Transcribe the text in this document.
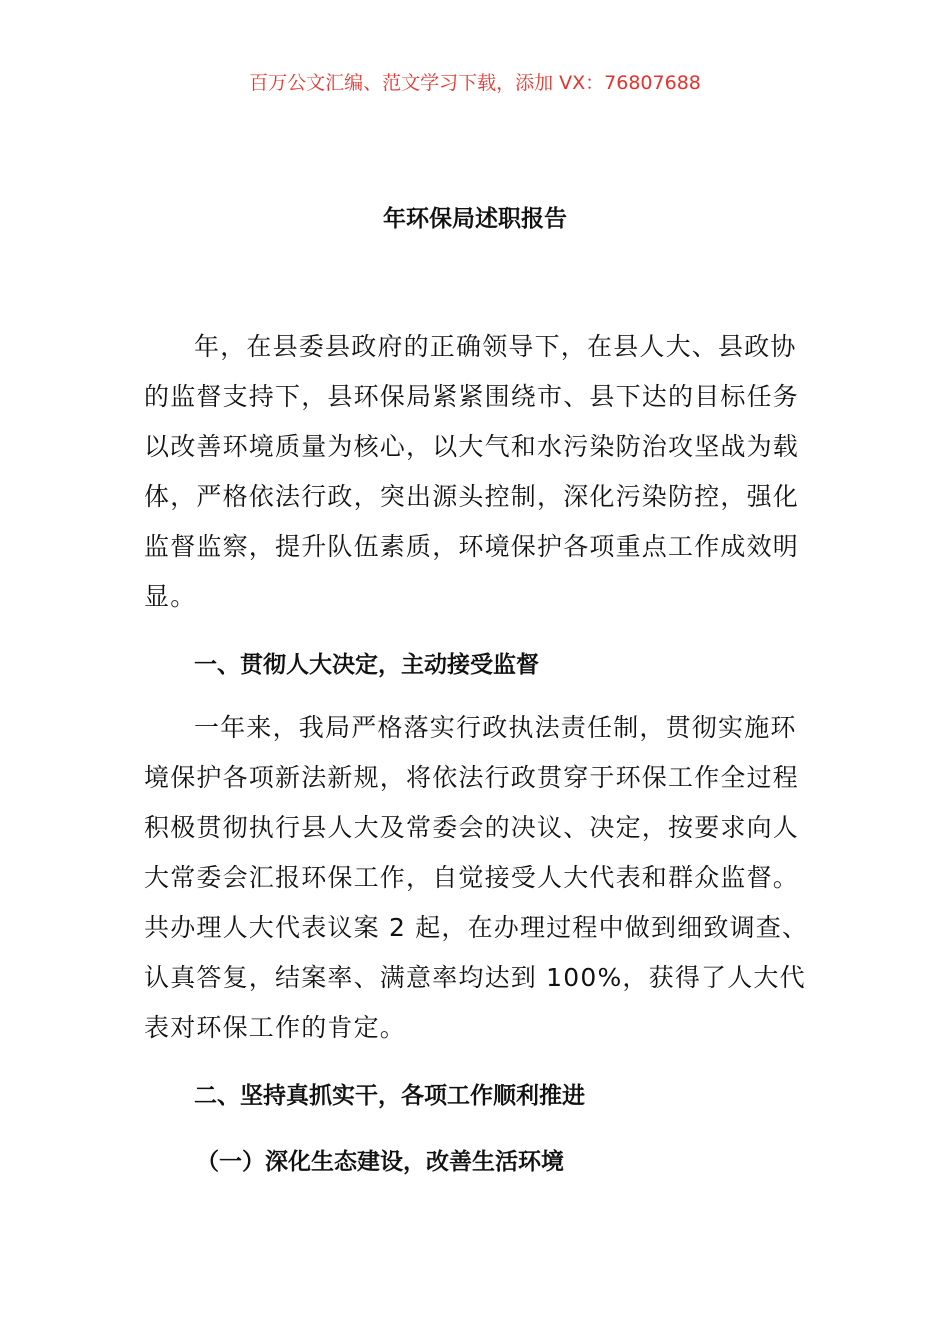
百万公文汇编、范文学习下载，添加 VX：76807688
年环保局述职报告
年，在县委县政府的正确领导下，在县人大、县政协
的监督支持下，县环保局紧紧围绕市、县下达的目标任务
以改善环境质量为核心，以大气和水污染防治攻坚战为载
体，严格依法行政，突出源头控制，深化污染防控，强化
监督监察，提升队伍素质，环境保护各项重点工作成效明
显。
一、贯彻人大决定，主动接受监督
一年来，我局严格落实行政执法责任制，贯彻实施环
境保护各项新法新规，将依法行政贯穿于环保工作全过程
积极贯彻执行县人大及常委会的决议、决定，按要求向人
大常委会汇报环保工作，自觉接受人大代表和群众监督。
共办理人大代表议案 2 起，在办理过程中做到细致调查、
认真答复，结案率、满意率均达到 100%，获得了人大代
表对环保工作的肯定。
二、坚持真抓实干，各项工作顺利推进
（一）深化生态建设，改善生活环境
